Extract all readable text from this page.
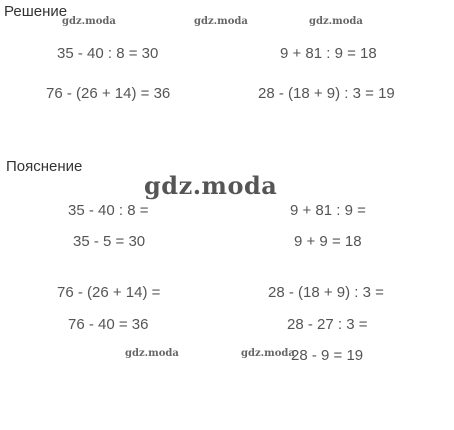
Решение
Пояснение
gdz.moda	gdz.moda	gdz.moda
gdz.moda
gdz.moda	gdz.moda
35 - 40 : 8 = 30	9 + 81 : 9 = 18
76 - (26 + 14) = 36	28 - (18 + 9) : 3 = 19
35 - 40 : 8 =	9 + 81 : 9 =
35 - 5 = 30	9 + 9 = 18
76 - (26 + 14) =	28 - (18 + 9) : 3 =
76 - 40 = 36	28 - 27 : 3 =
28 - 9 = 19
